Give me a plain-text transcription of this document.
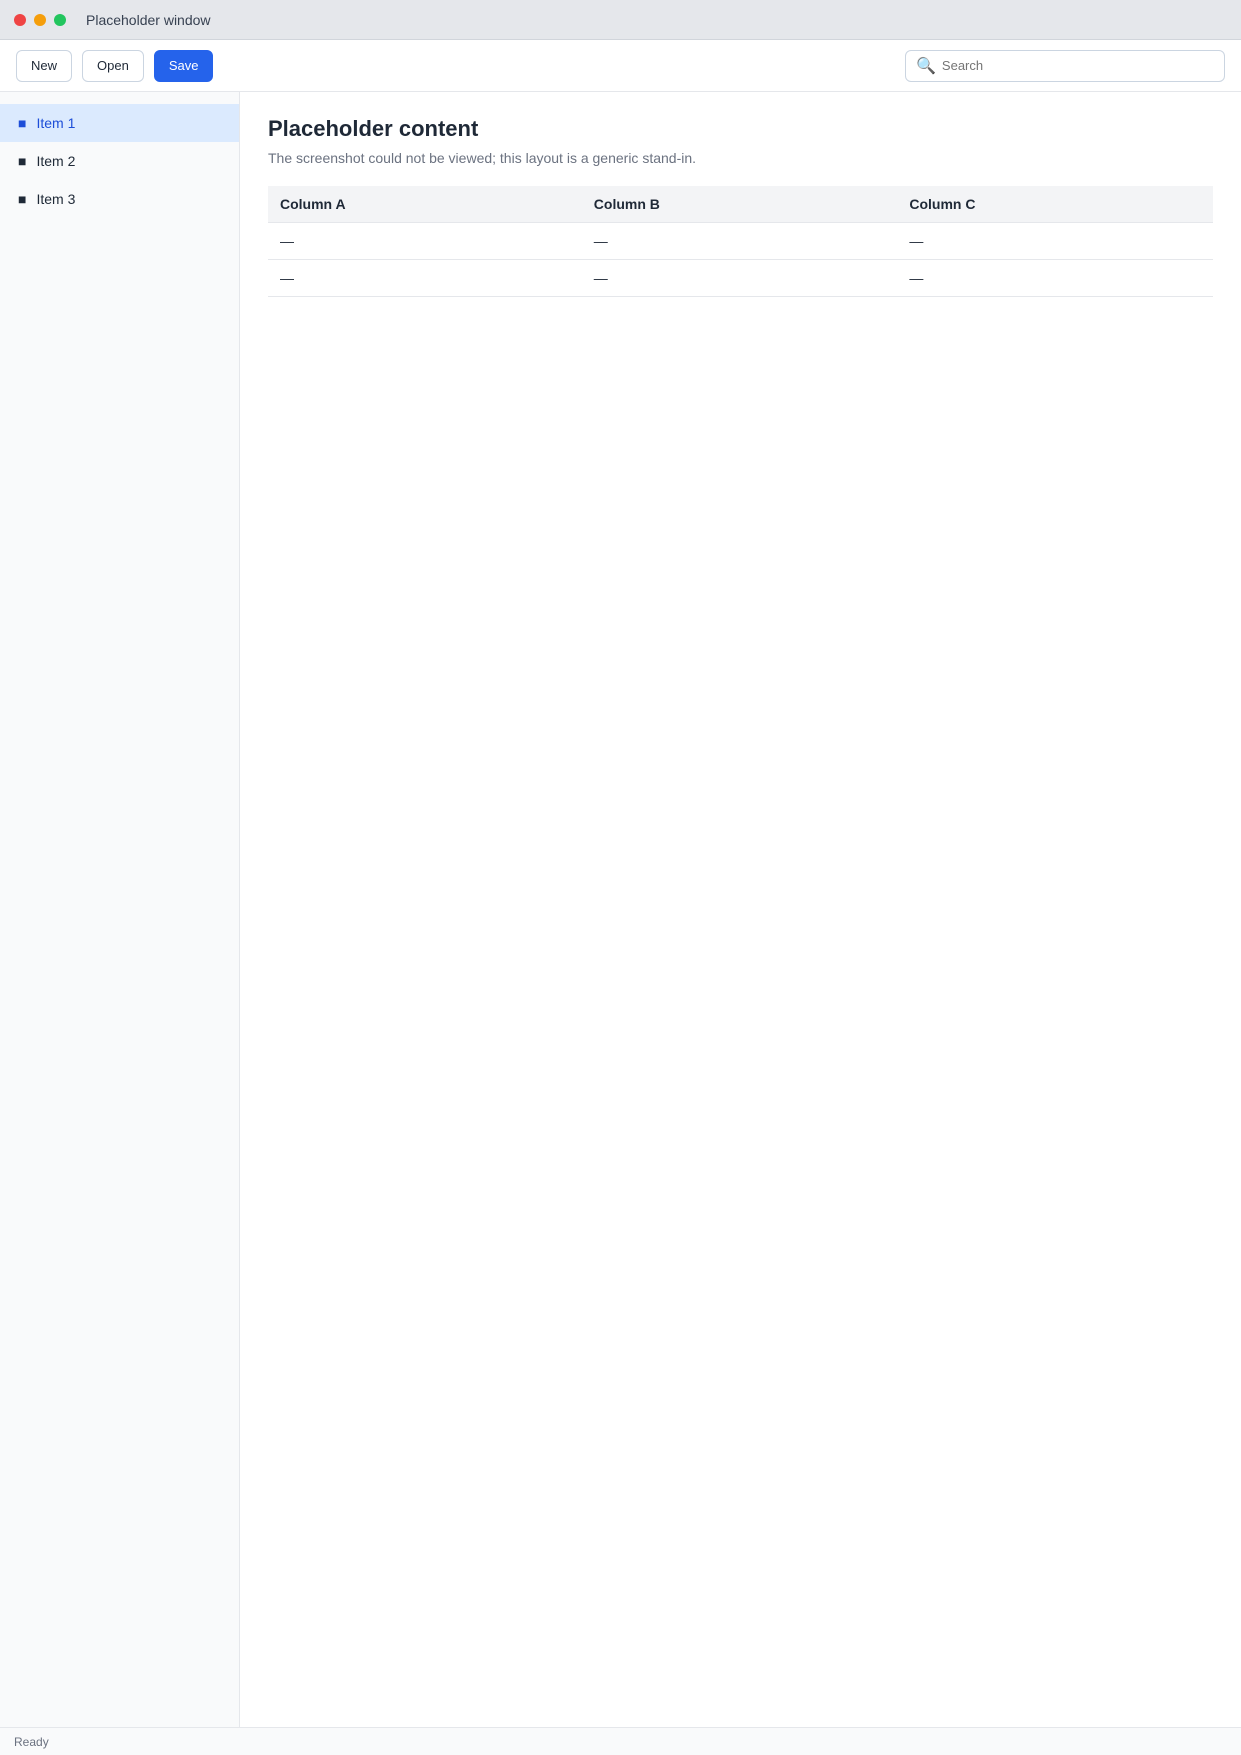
Placeholder window
New	Open	Save	🔍
Search
■ Item 1
■ Item 2
■ Item 3
Placeholder content
The screenshot could not be viewed; this layout is a generic stand-in.
Column A	Column B	Column C
—	—	—
—	—	—
Ready
